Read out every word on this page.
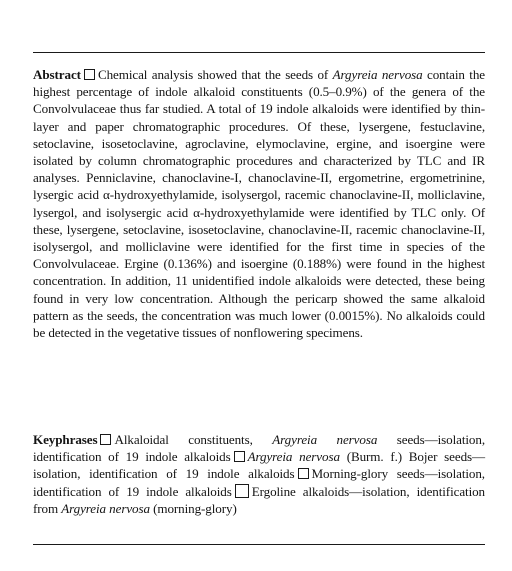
Abstract Chemical analysis showed that the seeds of Argyreia nervosa contain the highest percentage of indole alkaloid constituents (0.5–0.9%) of the genera of the Convolvulaceae thus far studied. A total of 19 indole alkaloids were identified by thin-layer and paper chromatographic procedures. Of these, lysergene, festuclavine, setoclavine, isosetoclavine, agroclavine, elymoclavine, ergine, and isoergine were isolated by column chromatographic procedures and characterized by TLC and IR analyses. Penniclavine, chanoclavine-I, chanoclavine-II, ergometrine, ergometrinine, lysergic acid α-hydroxyethylamide, isolysergol, racemic chanoclavine-II, molliclavine, lysergol, and isolysergic acid α-hydroxyethylamide were identified by TLC only. Of these, lysergene, setoclavine, isosetoclavine, chanoclavine-II, racemic chanoclavine-II, isolysergol, and molliclavine were identified for the first time in species of the Convolvulaceae. Ergine (0.136%) and isoergine (0.188%) were found in the highest concentration. In addition, 11 unidentified indole alkaloids were detected, these being found in very low concentration. Although the pericarp showed the same alkaloid pattern as the seeds, the concentration was much lower (0.0015%). No alkaloids could be detected in the vegetative tissues of nonflowering specimens.
Keyphrases Alkaloidal constituents, Argyreia nervosa seeds—isolation, identification of 19 indole alkaloids Argyreia nervosa (Burm. f.) Bojer seeds—isolation, identification of 19 indole alkaloids Morning-glory seeds—isolation, identification of 19 indole alkaloids Ergoline alkaloids—isolation, identification from Argyreia nervosa (morning-glory)
